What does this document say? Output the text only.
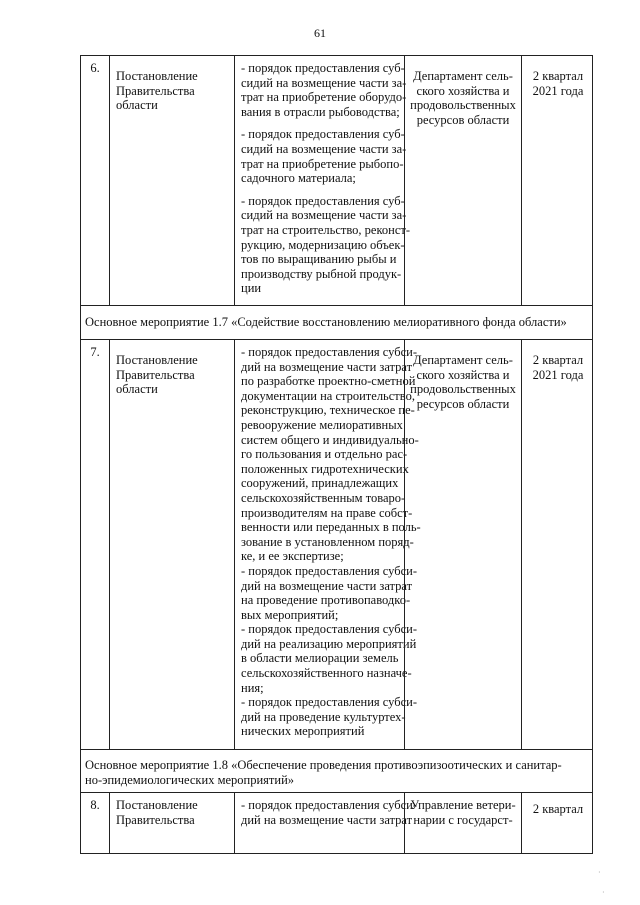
61
6.
Постановление
Правительства
области
- порядок предоставления суб-
сидий на возмещение части за-
трат на приобретение оборудо-
вания в отрасли рыбоводства;
- порядок предоставления суб-
сидий на возмещение части за-
трат на приобретение рыбопо-
садочного материала;
- порядок предоставления суб-
сидий на возмещение части за-
трат на строительство, реконст-
рукцию, модернизацию объек-
тов по выращиванию рыбы и
производству рыбной продук-
ции
Департамент сель-
ского хозяйства и
продовольственных
ресурсов области
2 квартал
2021 года
Основное мероприятие 1.7 «Содействие восстановлению мелиоративного фонда области»
7.
Постановление
Правительства
области
- порядок предоставления субси-
дий на возмещение части затрат
по разработке проектно-сметной
документации на строительство,
реконструкцию, техническое пе-
ревооружение мелиоративных
систем общего и индивидуально-
го пользования и отдельно рас-
положенных гидротехнических
сооружений, принадлежащих
сельскохозяйственным товаро-
производителям на праве собст-
венности или переданных в поль-
зование в установленном поряд-
ке, и ее экспертизе;
- порядок предоставления субси-
дий на возмещение части затрат
на проведение противопаводко-
вых мероприятий;
- порядок предоставления субси-
дий на реализацию мероприятий
в области мелиорации земель
сельскохозяйственного назначе-
ния;
- порядок предоставления субси-
дий на проведение культуртех-
нических мероприятий
Департамент сель-
ского хозяйства и
продовольственных
ресурсов области
2 квартал
2021 года
Основное мероприятие 1.8 «Обеспечение проведения противоэпизоотических и санитар-
но-эпидемиологических мероприятий»
8.	Постановление
Правительства
- порядок предоставления субси-
дий на возмещение части затрат
Управление ветери-
нарии с государст-
2 квартал
·
·
